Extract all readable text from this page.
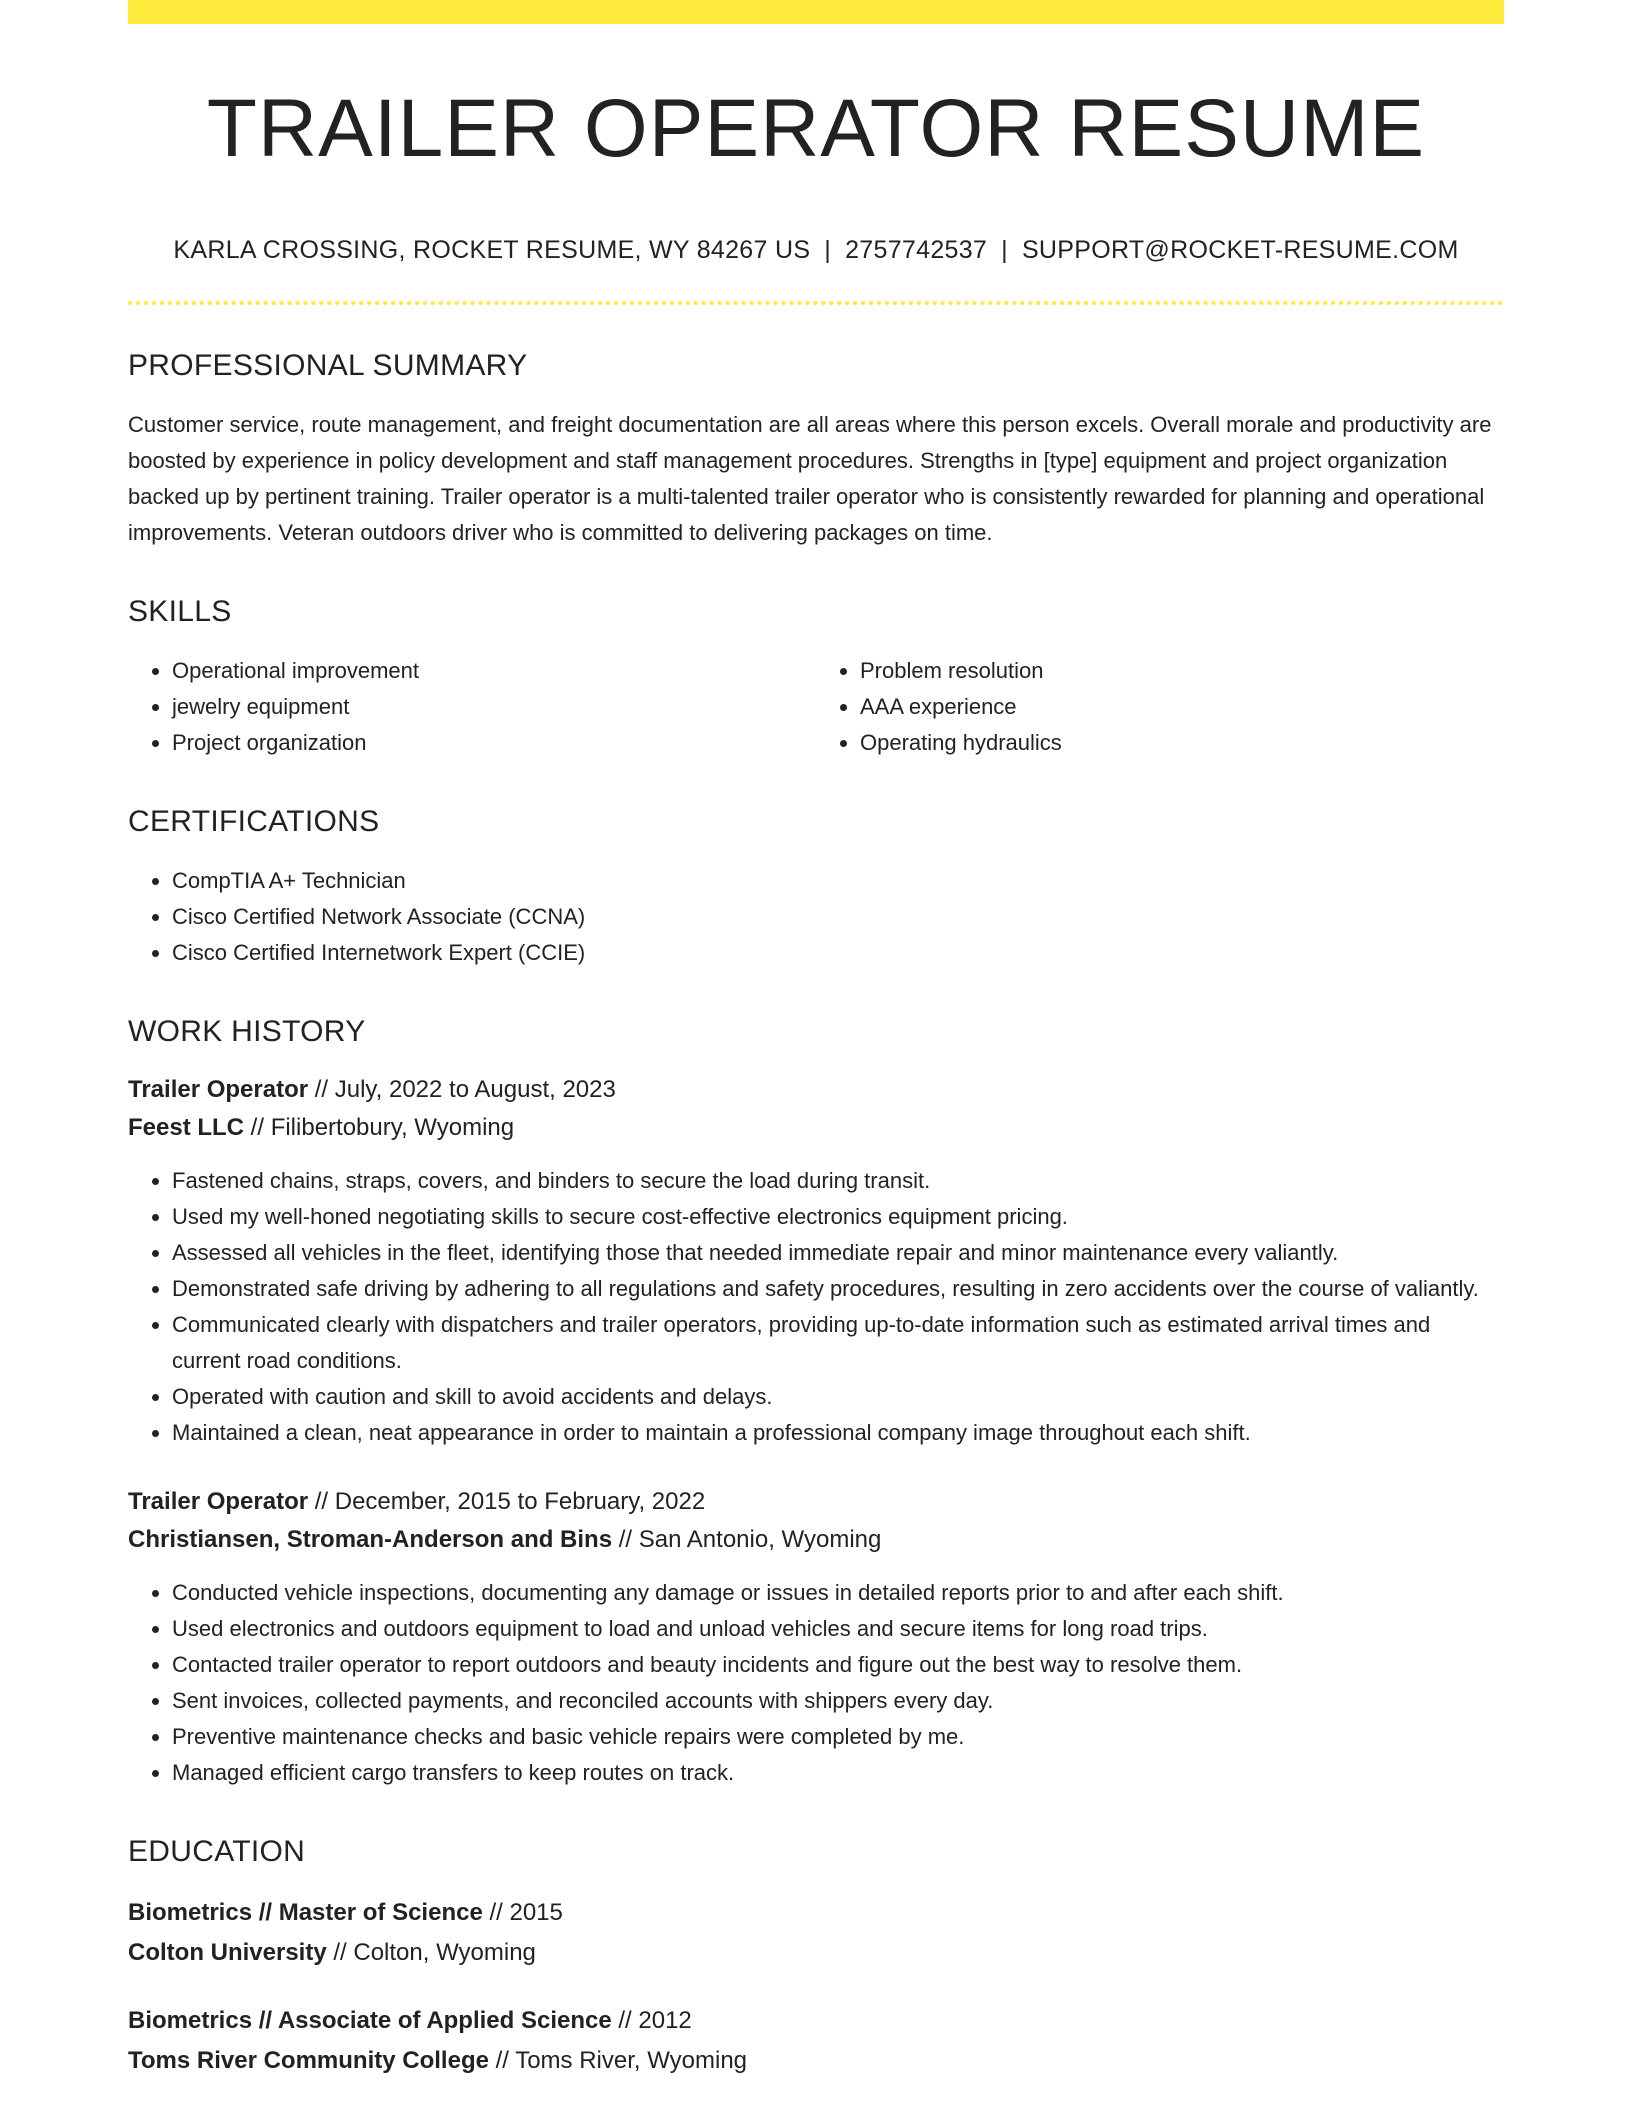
TRAILER OPERATOR RESUME
KARLA CROSSING, ROCKET RESUME, WY 84267 US | 2757742537 | SUPPORT@ROCKET-RESUME.COM
PROFESSIONAL SUMMARY

Customer service, route management, and freight documentation are all areas where this person excels. Overall morale and productivity are boosted by experience in policy development and staff management procedures. Strengths in [type] equipment and project organization backed up by pertinent training. Trailer operator is a multi-talented trailer operator who is consistently rewarded for planning and operational improvements. Veteran outdoors driver who is committed to delivering packages on time.

SKILLS
• Operational improvement
• jewelry equipment
• Project organization
• Problem resolution
• AAA experience
• Operating hydraulics
CERTIFICATIONS
• CompTIA A+ Technician
• Cisco Certified Network Associate (CCNA)
• Cisco Certified Internetwork Expert (CCIE)
WORK HISTORY
Trailer Operator // July, 2022 to August, 2023
Feest LLC // Filibertobury, Wyoming
• Fastened chains, straps, covers, and binders to secure the load during transit.
• Used my well-honed negotiating skills to secure cost-effective electronics equipment pricing.
• Assessed all vehicles in the fleet, identifying those that needed immediate repair and minor maintenance every valiantly.
• Demonstrated safe driving by adhering to all regulations and safety procedures, resulting in zero accidents over the course of valiantly.
• Communicated clearly with dispatchers and trailer operators, providing up-to-date information such as estimated arrival times and current road conditions.
• Operated with caution and skill to avoid accidents and delays.
• Maintained a clean, neat appearance in order to maintain a professional company image throughout each shift.
Trailer Operator // December, 2015 to February, 2022
Christiansen, Stroman-Anderson and Bins // San Antonio, Wyoming
• Conducted vehicle inspections, documenting any damage or issues in detailed reports prior to and after each shift.
• Used electronics and outdoors equipment to load and unload vehicles and secure items for long road trips.
• Contacted trailer operator to report outdoors and beauty incidents and figure out the best way to resolve them.
• Sent invoices, collected payments, and reconciled accounts with shippers every day.
• Preventive maintenance checks and basic vehicle repairs were completed by me.
• Managed efficient cargo transfers to keep routes on track.
EDUCATION
Biometrics // Master of Science // 2015
Colton University // Colton, Wyoming
Biometrics // Associate of Applied Science // 2012
Toms River Community College // Toms River, Wyoming
